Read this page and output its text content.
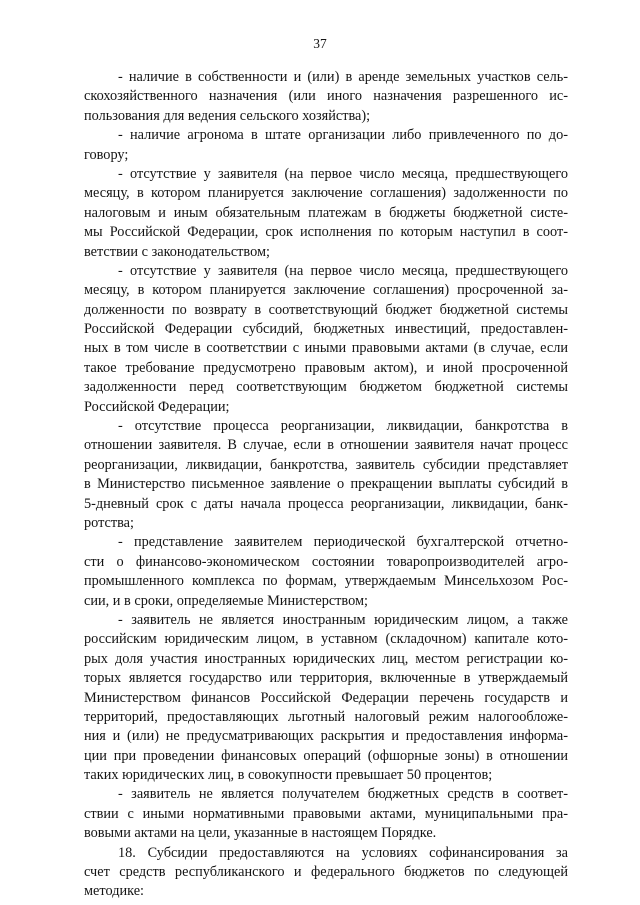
37
- наличие в собственности и (или) в аренде земельных участков сель-
скохозяйственного назначения (или иного назначения разрешенного ис-
пользования для ведения сельского хозяйства);
- наличие агронома в штате организации либо привлеченного по до-
говору;
- отсутствие у заявителя (на первое число месяца, предшествующего
месяцу, в котором планируется заключение соглашения) задолженности по
налоговым и иным обязательным платежам в бюджеты бюджетной систе-
мы Российской Федерации, срок исполнения по которым наступил в соот-
ветствии с законодательством;
- отсутствие у заявителя (на первое число месяца, предшествующего
месяцу, в котором планируется заключение соглашения) просроченной за-
долженности по возврату в соответствующий бюджет бюджетной системы
Российской Федерации субсидий, бюджетных инвестиций, предоставлен-
ных в том числе в соответствии с иными правовыми актами (в случае, если
такое требование предусмотрено правовым актом), и иной просроченной
задолженности перед соответствующим бюджетом бюджетной системы
Российской Федерации;
- отсутствие процесса реорганизации, ликвидации, банкротства в
отношении заявителя. В случае, если в отношении заявителя начат процесс
реорганизации, ликвидации, банкротства, заявитель субсидии представляет
в Министерство письменное заявление о прекращении выплаты субсидий в
5-дневный срок с даты начала процесса реорганизации, ликвидации, банк-
ротства;
- представление заявителем периодической бухгалтерской отчетно-
сти о финансово-экономическом состоянии товаропроизводителей агро-
промышленного комплекса по формам, утверждаемым Минсельхозом Рос-
сии, и в сроки, определяемые Министерством;
- заявитель не является иностранным юридическим лицом, а также
российским юридическим лицом, в уставном (складочном) капитале кото-
рых доля участия иностранных юридических лиц, местом регистрации ко-
торых является государство или территория, включенные в утверждаемый
Министерством финансов Российской Федерации перечень государств и
территорий, предоставляющих льготный налоговый режим налогообложе-
ния и (или) не предусматривающих раскрытия и предоставления информа-
ции при проведении финансовых операций (офшорные зоны) в отношении
таких юридических лиц, в совокупности превышает 50 процентов;
- заявитель не является получателем бюджетных средств в соответ-
ствии с иными нормативными правовыми актами, муниципальными пра-
вовыми актами на цели, указанные в настоящем Порядке.
18. Субсидии предоставляются на условиях софинансирования за
счет средств республиканского и федерального бюджетов по следующей
методике:
